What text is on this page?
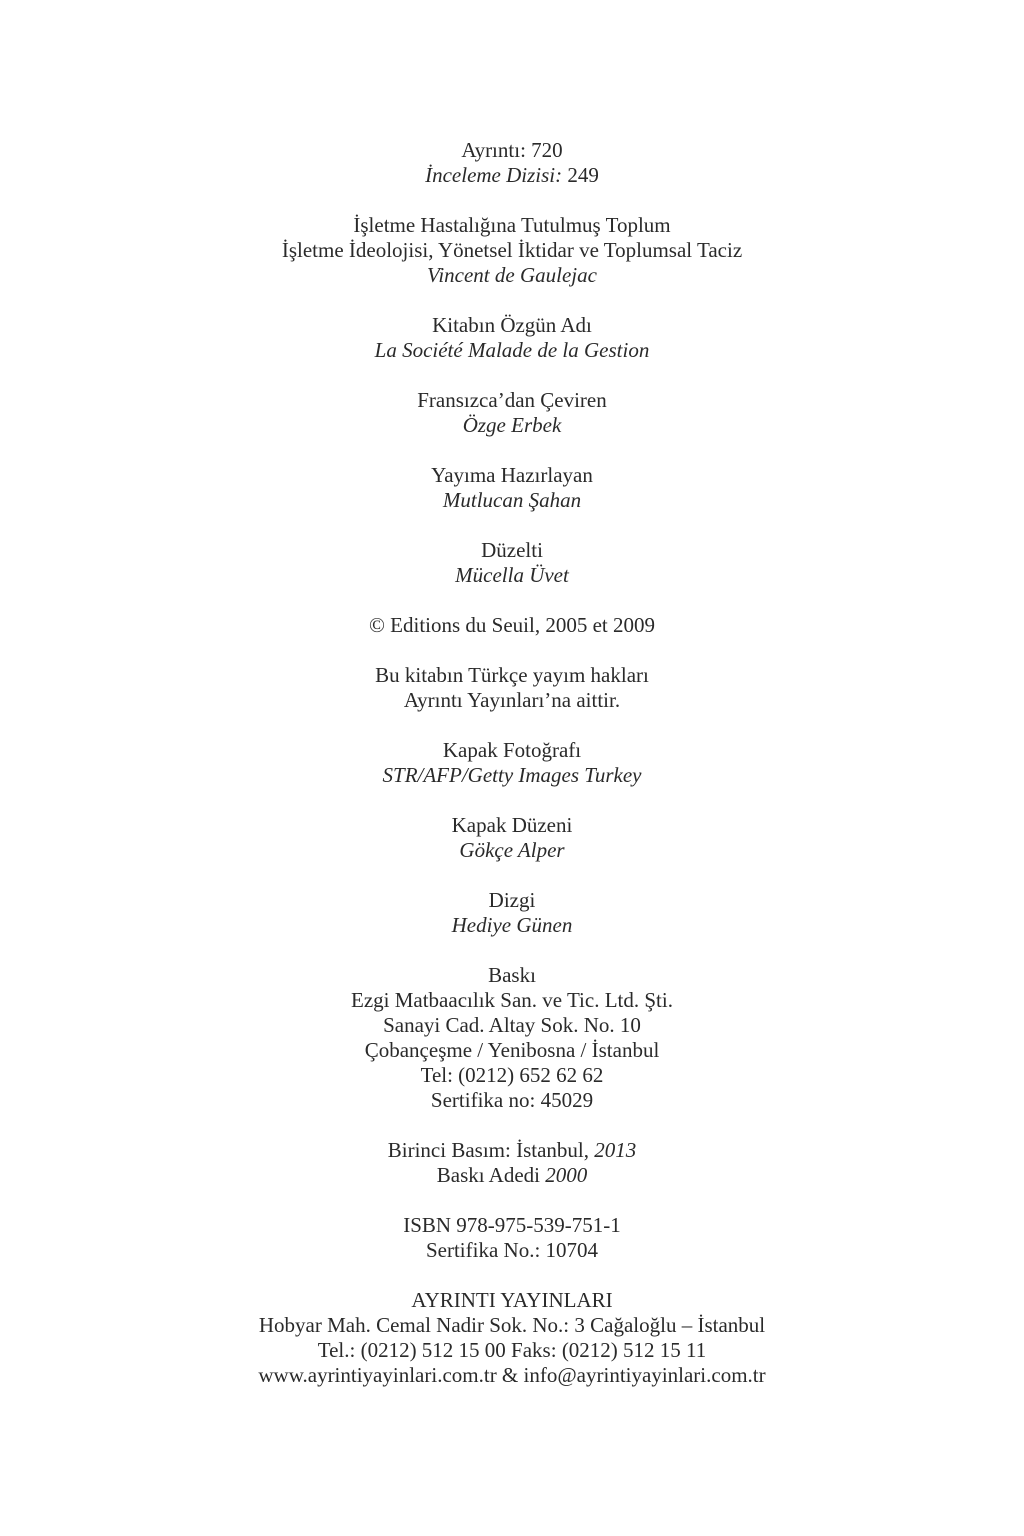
Ayrıntı: 720
İnceleme Dizisi: 249
İşletme Hastalığına Tutulmuş Toplum
İşletme İdeolojisi, Yönetsel İktidar ve Toplumsal Taciz
Vincent de Gaulejac
Kitabın Özgün Adı
La Société Malade de la Gestion
Fransızca’dan Çeviren
Özge Erbek
Yayıma Hazırlayan
Mutlucan Şahan
Düzelti
Mücella Üvet
© Editions du Seuil, 2005 et 2009
Bu kitabın Türkçe yayım hakları
Ayrıntı Yayınları’na aittir.
Kapak Fotoğrafı
STR/AFP/Getty Images Turkey
Kapak Düzeni
Gökçe Alper
Dizgi
Hediye Günen
Baskı
Ezgi Matbaacılık San. ve Tic. Ltd. Şti.
Sanayi Cad. Altay Sok. No. 10
Çobançeşme / Yenibosna / İstanbul
Tel: (0212) 652 62 62
Sertifika no: 45029
Birinci Basım: İstanbul, 2013
Baskı Adedi 2000
ISBN 978-975-539-751-1
Sertifika No.: 10704
AYRINTI YAYINLARI
Hobyar Mah. Cemal Nadir Sok. No.: 3 Cağaloğlu – İstanbul
Tel.: (0212) 512 15 00 Faks: (0212) 512 15 11
www.ayrintiyayinlari.com.tr & info@ayrintiyayinlari.com.tr
